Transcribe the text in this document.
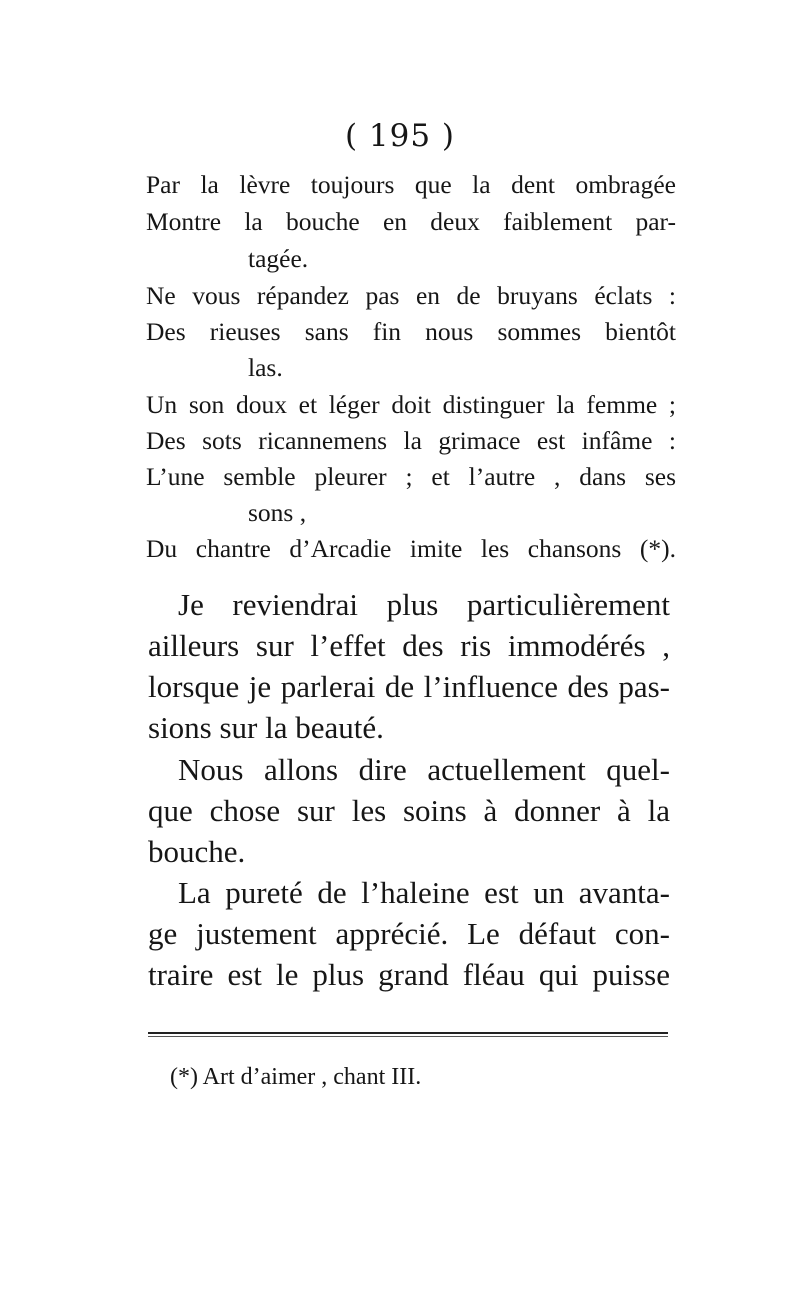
( 195 )
Par la lèvre toujours que la dent ombragée
Montre la bouche en deux faiblement par-
tagée.
Ne vous répandez pas en de bruyans éclats :
Des rieuses sans fin nous sommes bientôt
las.
Un son doux et léger doit distinguer la femme ;
Des sots ricannemens la grimace est infâme :
L’une semble pleurer ; et l’autre , dans ses
sons ,
Du chantre d’Arcadie imite les chansons (*).
Je reviendrai plus particulièrement
ailleurs sur l’effet des ris immodérés ,
lorsque je parlerai de l’influence des pas-
sions sur la beauté.
Nous allons dire actuellement quel-
que chose sur les soins à donner à la
bouche.
La pureté de l’haleine est un avanta-
ge justement apprécié. Le défaut con-
traire est le plus grand fléau qui puisse
(*) Art d’aimer , chant III.
